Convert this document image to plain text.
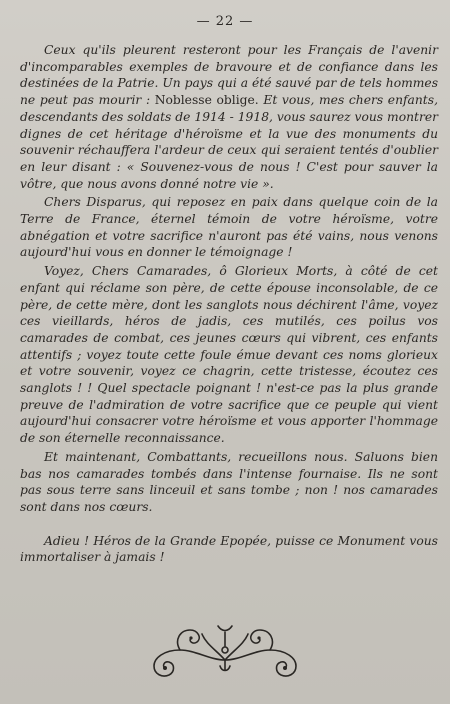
— 22 —

Ceux qu'ils pleurent resteront pour les Français de l'avenir d'incomparables exemples de bravoure et de confiance dans les destinées de la Patrie. Un pays qui a été sauvé par de tels hommes ne peut pas mourir : Noblesse oblige. Et vous, mes chers enfants, descendants des soldats de 1914 - 1918, vous saurez vous montrer dignes de cet héritage d'héroïsme et la vue des monuments du souvenir réchauffera l'ardeur de ceux qui seraient tentés d'oublier en leur disant : « Souvenez-vous de nous ! C'est pour sauver la vôtre, que nous avons donné notre vie ».

Chers Disparus, qui reposez en paix dans quelque coin de la Terre de France, éternel témoin de votre héroïsme, votre abnégation et votre sacrifice n'auront pas été vains, nous venons aujourd'hui vous en donner le témoignage !

Voyez, Chers Camarades, ô Glorieux Morts, à côté de cet enfant qui réclame son père, de cette épouse inconsolable, de ce père, de cette mère, dont les sanglots nous déchirent l'âme, voyez ces vieillards, héros de jadis, ces mutilés, ces poilus vos camarades de combat, ces jeunes cœurs qui vibrent, ces enfants attentifs ; voyez toute cette foule émue devant ces noms glorieux et votre souvenir, voyez ce chagrin, cette tristesse, écoutez ces sanglots ! ! Quel spectacle poignant ! n'est-ce pas la plus grande preuve de l'admiration de votre sacrifice que ce peuple qui vient aujourd'hui consacrer votre héroïsme et vous apporter l'hommage de son éternelle reconnaissance.

Et maintenant, Combattants, recueillons nous. Saluons bien bas nos camarades tombés dans l'intense fournaise. Ils ne sont pas sous terre sans linceuil et sans tombe ; non ! nos camarades sont dans nos cœurs.

Adieu ! Héros de la Grande Epopée, puisse ce Monument vous immortaliser à jamais !
